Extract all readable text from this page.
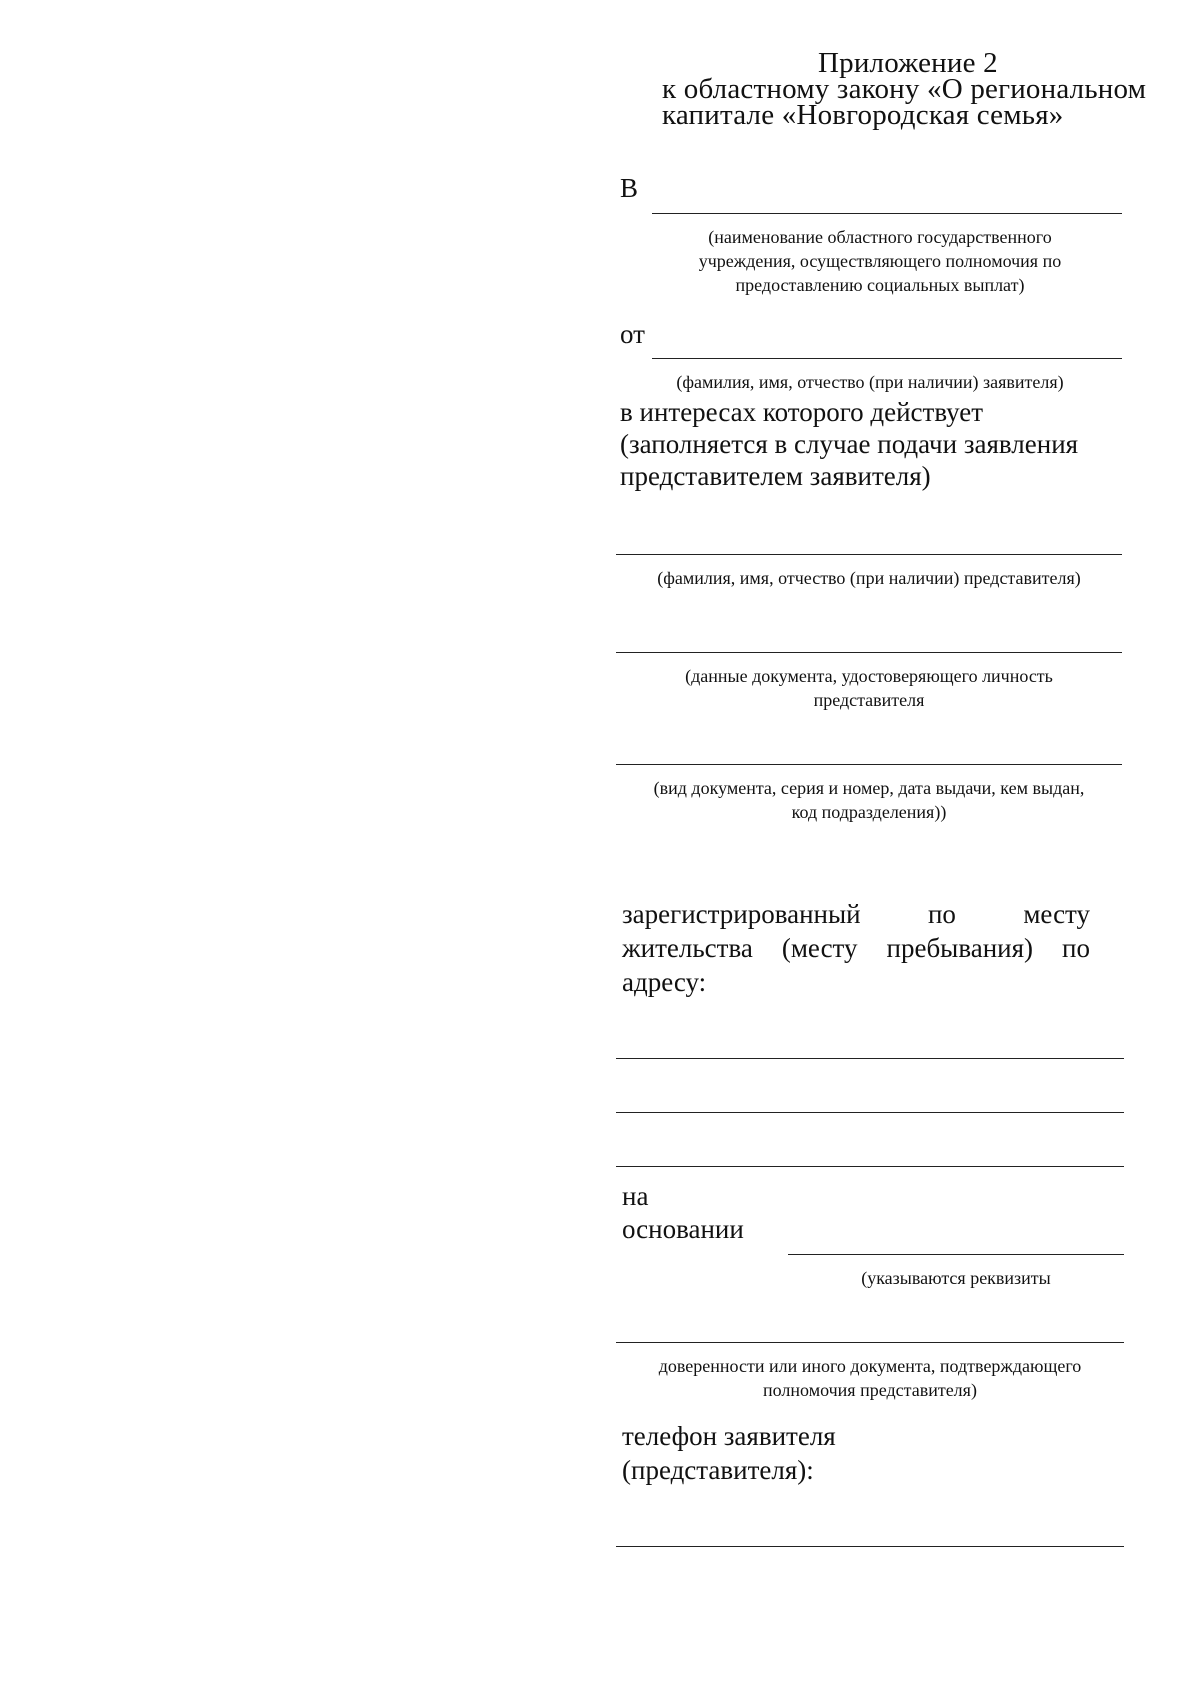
Приложение 2
к областному закону «О региональном
капитале «Новгородская семья»
В
(наименование областного государственного
учреждения, осуществляющего полномочия по
предоставлению социальных выплат)
от
(фамилия, имя, отчество (при наличии) заявителя)
в интересах которого действует
(заполняется в случае подачи заявления
представителем заявителя)
(фамилия, имя, отчество (при наличии) представителя)
(данные документа, удостоверяющего личность
представителя
(вид документа, серия и номер, дата выдачи, кем выдан,
код подразделения))
зарегистрированный по месту
жительства (месту пребывания) по
адресу:
на
основании
(указываются реквизиты
доверенности или иного документа, подтверждающего
полномочия представителя)
телефон заявителя
(представителя):
